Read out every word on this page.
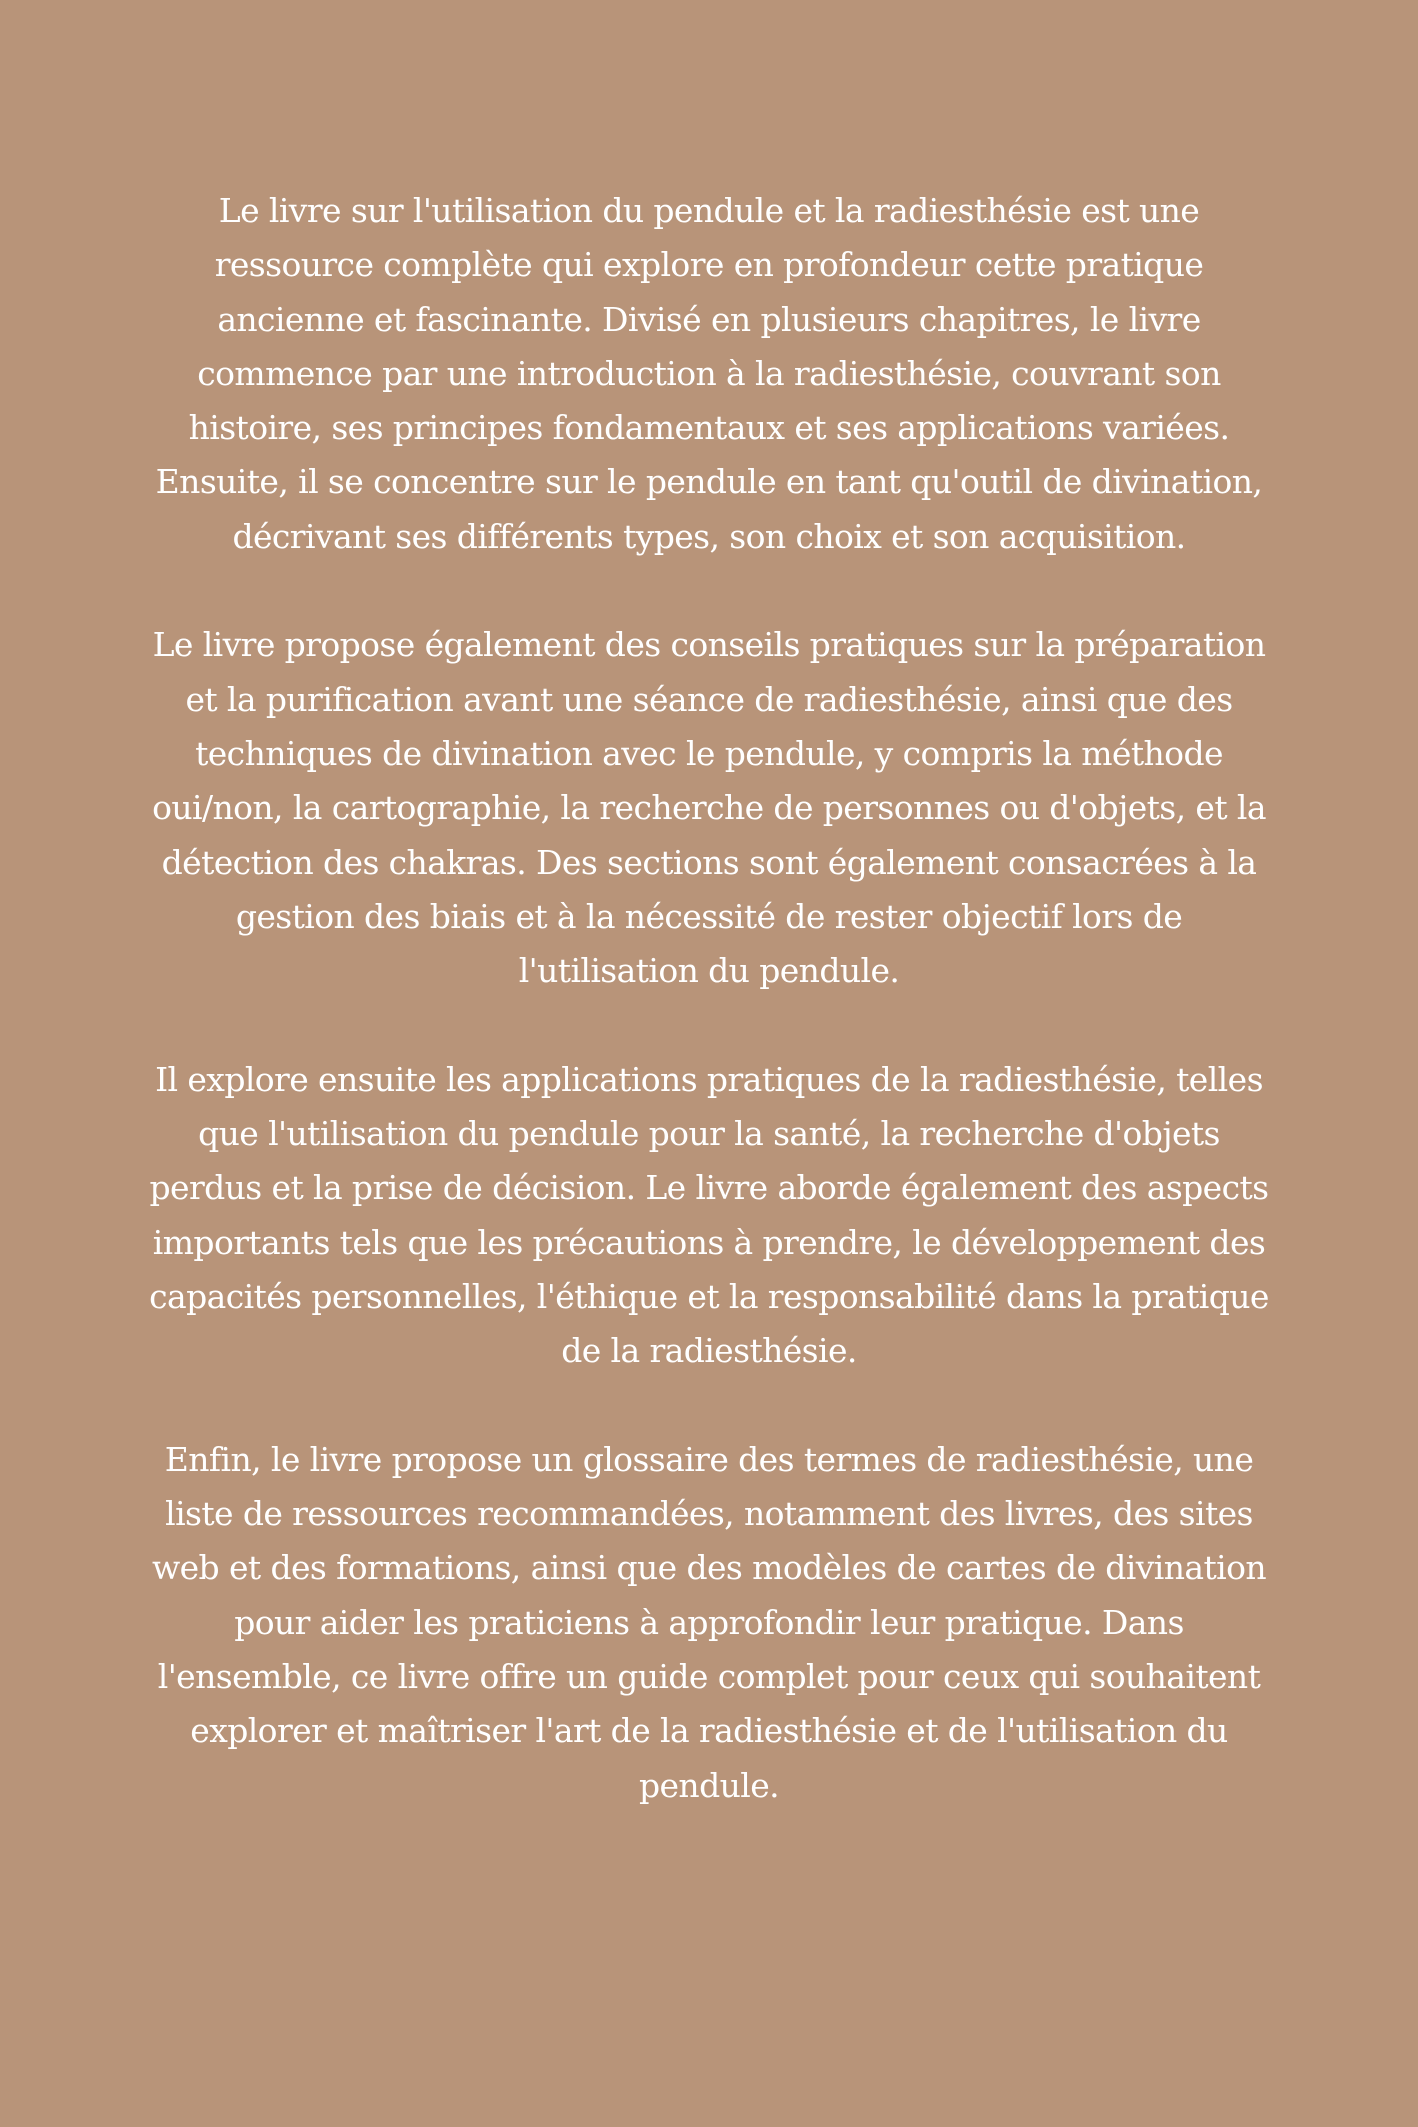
Le livre sur l'utilisation du pendule et la radiesthésie est une
ressource complète qui explore en profondeur cette pratique
ancienne et fascinante. Divisé en plusieurs chapitres, le livre
commence par une introduction à la radiesthésie, couvrant son
histoire, ses principes fondamentaux et ses applications variées.
Ensuite, il se concentre sur le pendule en tant qu'outil de divination,
décrivant ses différents types, son choix et son acquisition.

Le livre propose également des conseils pratiques sur la préparation
et la purification avant une séance de radiesthésie, ainsi que des
techniques de divination avec le pendule, y compris la méthode
oui/non, la cartographie, la recherche de personnes ou d'objets, et la
détection des chakras. Des sections sont également consacrées à la
gestion des biais et à la nécessité de rester objectif lors de
l'utilisation du pendule.

Il explore ensuite les applications pratiques de la radiesthésie, telles
que l'utilisation du pendule pour la santé, la recherche d'objets
perdus et la prise de décision. Le livre aborde également des aspects
importants tels que les précautions à prendre, le développement des
capacités personnelles, l'éthique et la responsabilité dans la pratique
de la radiesthésie.

Enfin, le livre propose un glossaire des termes de radiesthésie, une
liste de ressources recommandées, notamment des livres, des sites
web et des formations, ainsi que des modèles de cartes de divination
pour aider les praticiens à approfondir leur pratique. Dans
l'ensemble, ce livre offre un guide complet pour ceux qui souhaitent
explorer et maîtriser l'art de la radiesthésie et de l'utilisation du
pendule.
